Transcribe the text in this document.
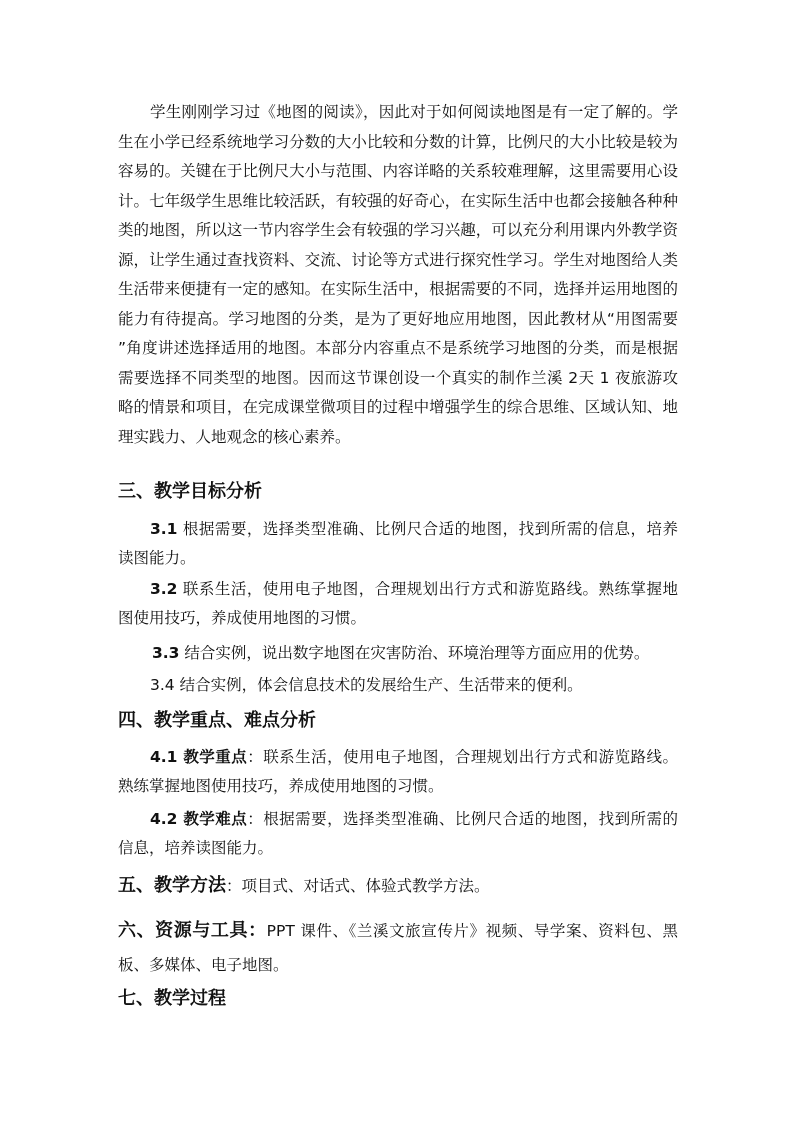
学生刚刚学习过《地图的阅读》，因此对于如何阅读地图是有一定了解的。学生在小学已经系统地学习分数的大小比较和分数的计算，比例尺的大小比较是较为容易的。关键在于比例尺大小与范围、内容详略的关系较难理解，这里需要用心设计。七年级学生思维比较活跃，有较强的好奇心，在实际生活中也都会接触各种种类的地图，所以这一节内容学生会有较强的学习兴趣，可以充分利用课内外教学资源，让学生通过查找资料、交流、讨论等方式进行探究性学习。学生对地图给人类生活带来便捷有一定的感知。在实际生活中，根据需要的不同，选择并运用地图的能力有待提高。学习地图的分类，是为了更好地应用地图，因此教材从“用图需要 ”角度讲述选择适用的地图。本部分内容重点不是系统学习地图的分类，而是根据需要选择不同类型的地图。因而这节课创设一个真实的制作兰溪 2天 1 夜旅游攻略的情景和项目，在完成课堂微项目的过程中增强学生的综合思维、区域认知、地理实践力、人地观念的核心素养。

三、教学目标分析

3.1 根据需要，选择类型准确、比例尺合适的地图，找到所需的信息，培养读图能力。

3.2 联系生活，使用电子地图，合理规划出行方式和游览路线。熟练掌握地图使用技巧，养成使用地图的习惯。

3.3 结合实例，说出数字地图在灾害防治、环境治理等方面应用的优势。

3.4 结合实例，体会信息技术的发展给生产、生活带来的便利。

四、教学重点、难点分析

4.1 教学重点：联系生活，使用电子地图，合理规划出行方式和游览路线。熟练掌握地图使用技巧，养成使用地图的习惯。

4.2 教学难点：根据需要，选择类型准确、比例尺合适的地图，找到所需的信息，培养读图能力。

五、教学方法：项目式、对话式、体验式教学方法。

六、资源与工具：PPT 课件、《兰溪文旅宣传片》视频、导学案、资料包、黑板、多媒体、电子地图。

七、教学过程
